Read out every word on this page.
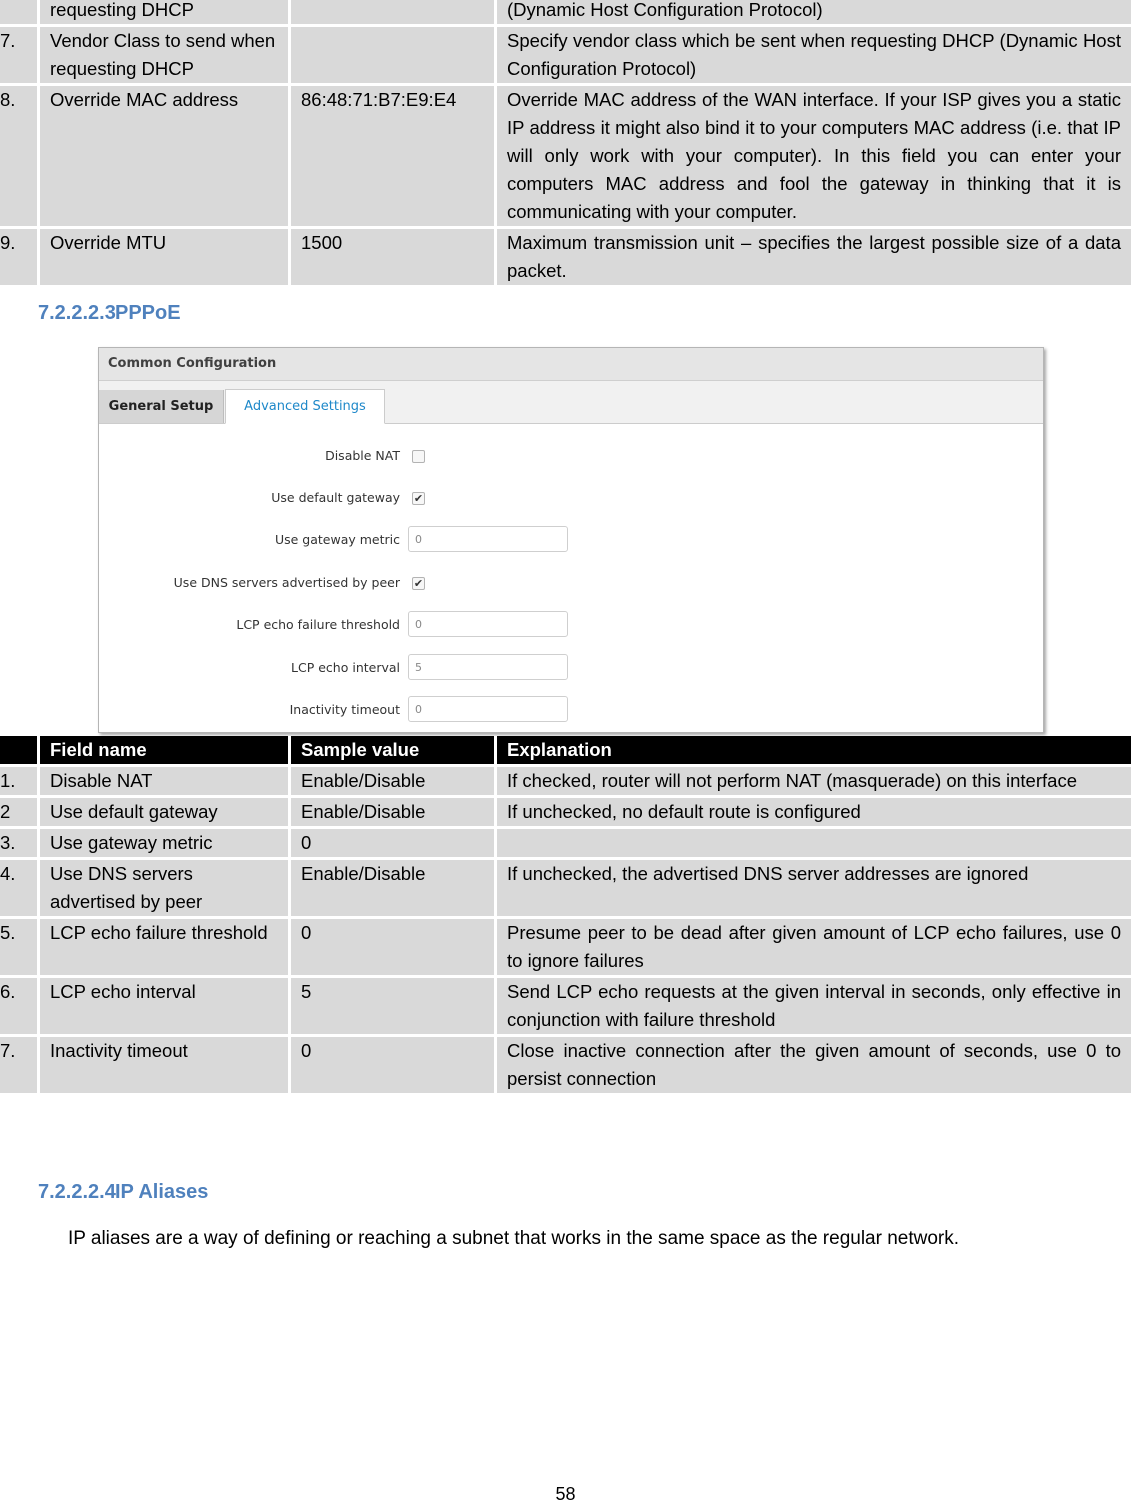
	requesting DHCP		(Dynamic Host Configuration Protocol)
7.	Vendor Class to send when requesting DHCP		Specify vendor class which be sent when requesting DHCP (Dynamic Host Configuration Protocol)
8.	Override MAC address	86:48:71:B7:E9:E4	Override MAC address of the WAN interface. If your ISP gives you a static IP address it might also bind it to your computers MAC address (i.e. that IP will only work with your computer). In this field you can enter your computers MAC address and fool the gateway in thinking that it is communicating with your computer.
9.	Override MTU	1500	Maximum transmission unit – specifies the largest possible size of a data packet.
7.2.2.2.3PPPoE
Common Configuration
General Setup	Advanced Settings
Disable NAT
Use default gateway ✔
Use gateway metric	0
Use DNS servers advertised by peer ✔
LCP echo failure threshold	0
LCP echo interval	5
Inactivity timeout	0
	Field name	Sample value	Explanation
1.	Disable NAT	Enable/Disable	If checked, router will not perform NAT (masquerade) on this interface
2	Use default gateway	Enable/Disable	If unchecked, no default route is configured
3.	Use gateway metric	0	
4.	Use DNS servers advertised by peer	Enable/Disable	If unchecked, the advertised DNS server addresses are ignored
5.	LCP echo failure threshold	0	Presume peer to be dead after given amount of LCP echo failures, use 0 to ignore failures
6.	LCP echo interval	5	Send LCP echo requests at the given interval in seconds, only effective in conjunction with failure threshold
7.	Inactivity timeout	0	Close inactive connection after the given amount of seconds, use 0 to persist connection
7.2.2.2.4IP Aliases
IP aliases are a way of defining or reaching a subnet that works in the same space as the regular network.
58
